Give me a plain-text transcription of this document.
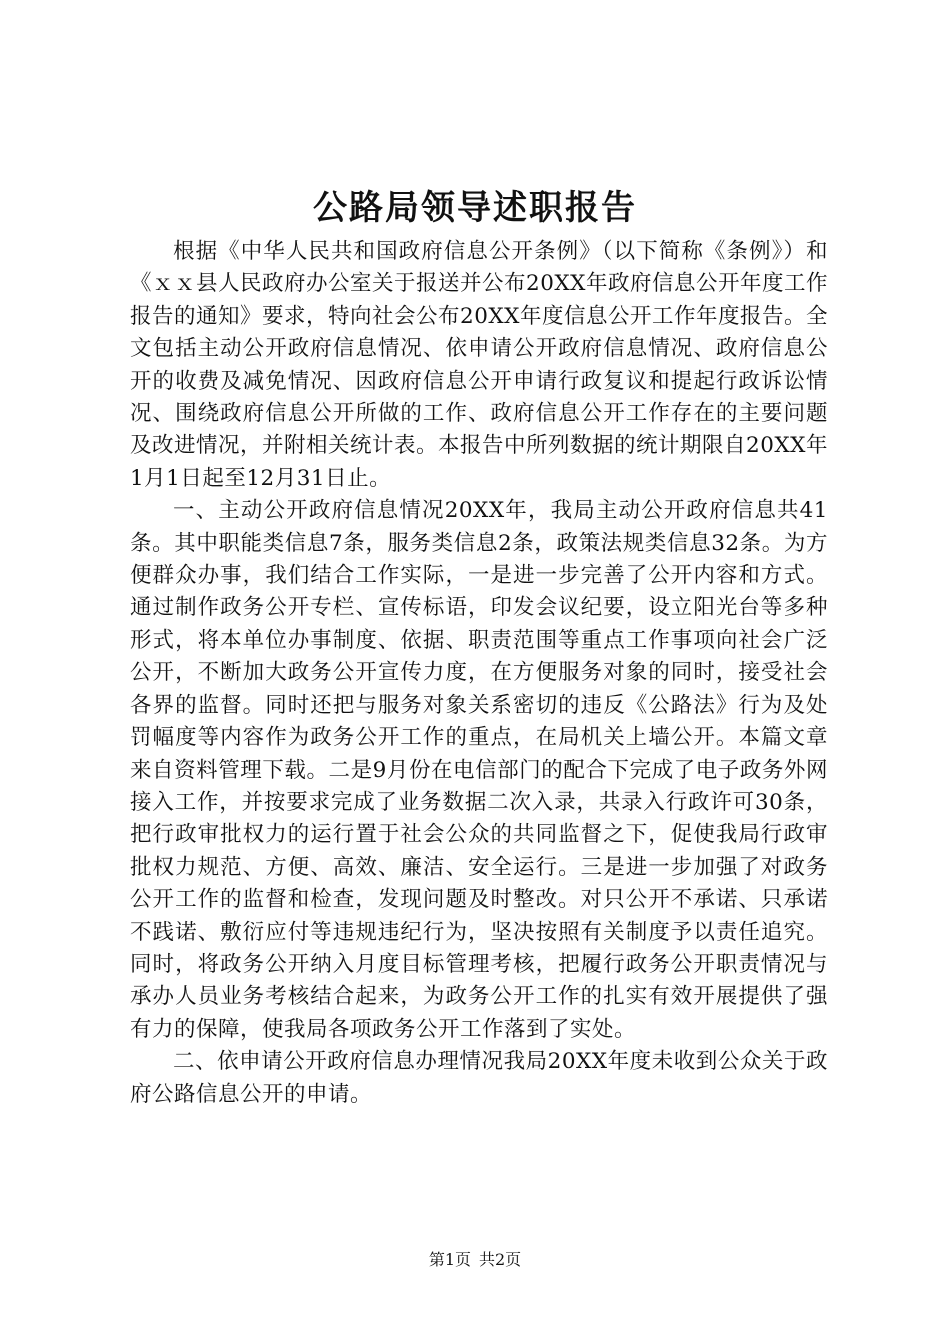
公路局领导述职报告

根据《中华人民共和国政府信息公开条例》（以下简称《条例》）和《ｘｘ县人民政府办公室关于报送并公布20XX年政府信息公开年度工作报告的通知》要求，特向社会公布20XX年度信息公开工作年度报告。全文包括主动公开政府信息情况、依申请公开政府信息情况、政府信息公开的收费及减免情况、因政府信息公开申请行政复议和提起行政诉讼情况、围绕政府信息公开所做的工作、政府信息公开工作存在的主要问题及改进情况，并附相关统计表。本报告中所列数据的统计期限自20XX年1月1日起至12月31日止。

一、主动公开政府信息情况20XX年，我局主动公开政府信息共41条。其中职能类信息7条，服务类信息2条，政策法规类信息32条。为方便群众办事，我们结合工作实际，一是进一步完善了公开内容和方式。通过制作政务公开专栏、宣传标语，印发会议纪要，设立阳光台等多种形式，将本单位办事制度、依据、职责范围等重点工作事项向社会广泛公开，不断加大政务公开宣传力度，在方便服务对象的同时，接受社会各界的监督。同时还把与服务对象关系密切的违反《公路法》行为及处罚幅度等内容作为政务公开工作的重点，在局机关上墙公开。本篇文章来自资料管理下载。二是9月份在电信部门的配合下完成了电子政务外网接入工作，并按要求完成了业务数据二次入录，共录入行政许可30条，把行政审批权力的运行置于社会公众的共同监督之下，促使我局行政审批权力规范、方便、高效、廉洁、安全运行。三是进一步加强了对政务公开工作的监督和检查，发现问题及时整改。对只公开不承诺、只承诺不践诺、敷衍应付等违规违纪行为，坚决按照有关制度予以责任追究。同时，将政务公开纳入月度目标管理考核，把履行政务公开职责情况与承办人员业务考核结合起来，为政务公开工作的扎实有效开展提供了强有力的保障，使我局各项政务公开工作落到了实处。

二、依申请公开政府信息办理情况我局20XX年度未收到公众关于政府公路信息公开的申请。

第1页 共2页
